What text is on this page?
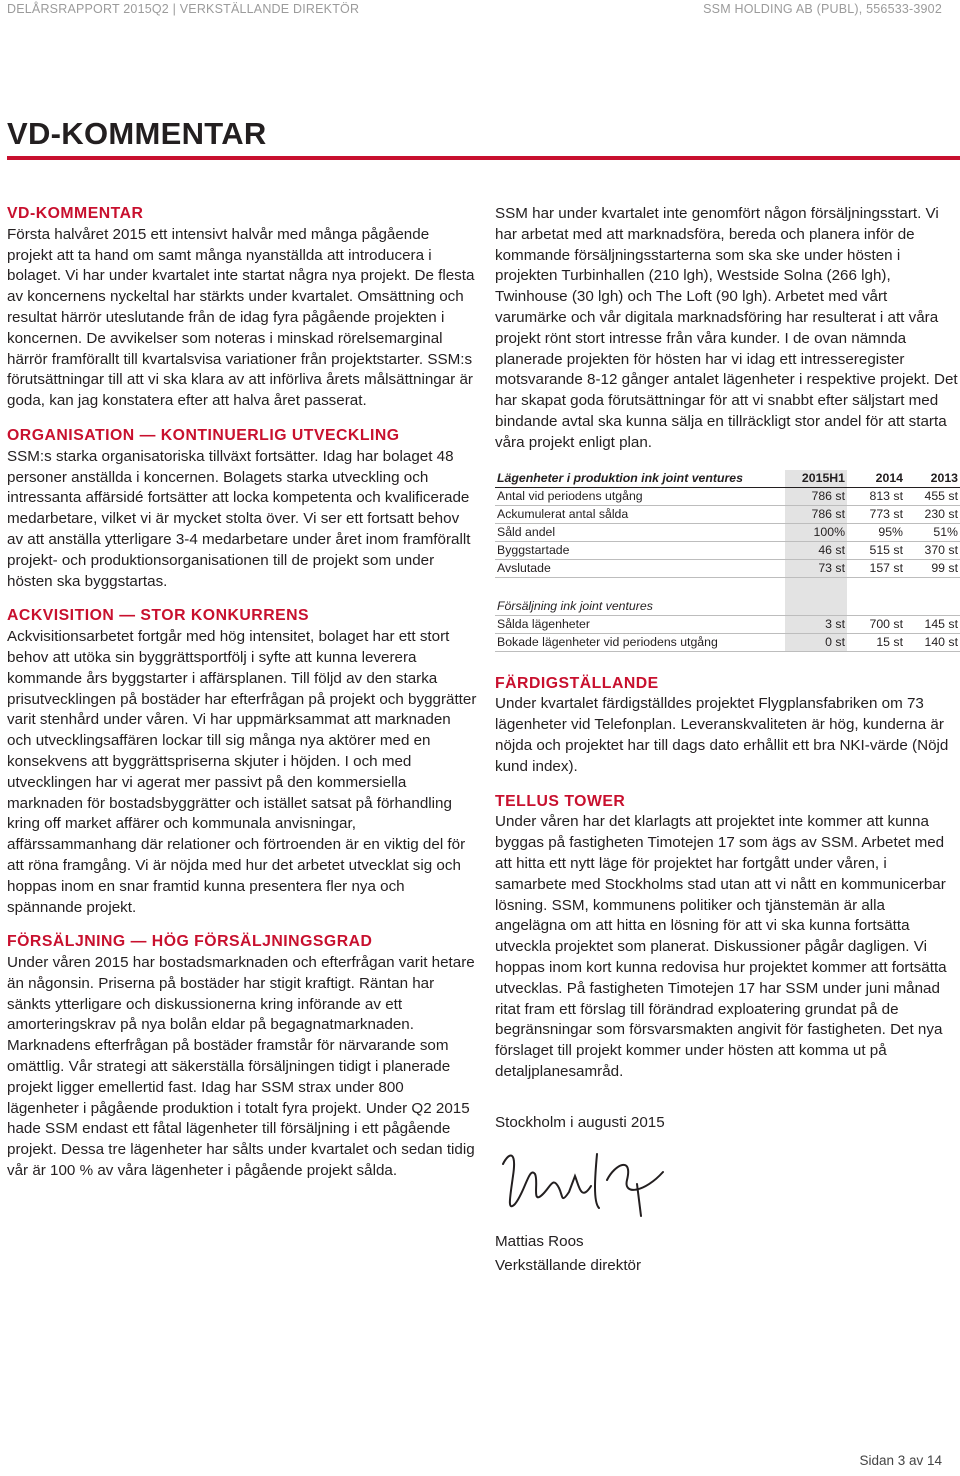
DELÅRSRAPPORT 2015Q2 | VERKSTÄLLANDE DIREKTÖR	SSM HOLDING AB (PUBL), 556533-3902
VD-KOMMENTAR

VD-KOMMENTAR

Första halvåret 2015 ett intensivt halvår med många pågående projekt att ta hand om samt många nyanställda att introducera i bolaget. Vi har under kvartalet inte startat några nya projekt. De flesta av koncernens nyckeltal har stärkts under kvartalet. Omsättning och resultat härrör uteslutande från de idag fyra pågående projekten i koncernen. De avvikelser som noteras i minskad rörelsemarginal härrör framförallt till kvartalsvisa variationer från projektstarter. SSM:s förutsättningar till att vi ska klara av att införliva årets målsättningar är goda, kan jag konstatera efter att halva året passerat.

ORGANISATION — KONTINUERLIG UTVECKLING

SSM:s starka organisatoriska tillväxt fortsätter. Idag har bolaget 48 personer anställda i koncernen. Bolagets starka utveckling och intressanta affärsidé fortsätter att locka kompetenta och kvalificerade medarbetare, vilket vi är mycket stolta över. Vi ser ett fortsatt behov av att anställa ytterligare 3-4 medarbetare under året inom framförallt projekt- och produktionsorganisationen till de projekt som under hösten ska byggstartas.

ACKVISITION — STOR KONKURRENS

Ackvisitionsarbetet fortgår med hög intensitet, bolaget har ett stort behov att utöka sin byggrättsportfölj i syfte att kunna leverera kommande års byggstarter i affärsplanen. Till följd av den starka prisutvecklingen på bostäder har efterfrågan på projekt och byggrätter varit stenhård under våren. Vi har uppmärksammat att marknaden och utvecklingsaffären lockar till sig många nya aktörer med en konsekvens att byggrättspriserna skjuter i höjden. I och med utvecklingen har vi agerat mer passivt på den kommersiella marknaden för bostadsbyggrätter och istället satsat på förhandling kring off market affärer och kommunala anvisningar, affärssammanhang där relationer och förtroenden är en viktig del för att röna framgång. Vi är nöjda med hur det arbetet utvecklat sig och hoppas inom en snar framtid kunna presentera fler nya och spännande projekt.

FÖRSÄLJNING — HÖG FÖRSÄLJNINGSGRAD

Under våren 2015 har bostadsmarknaden och efterfrågan varit hetare än någonsin. Priserna på bostäder har stigit kraftigt. Räntan har sänkts ytterligare och diskussionerna kring införande av ett amorteringskrav på nya bolån eldar på begagnatmarknaden. Marknadens efterfrågan på bostäder framstår för närvarande som omättlig. Vår strategi att säkerställa försäljningen tidigt i planerade projekt ligger emellertid fast. Idag har SSM strax under 800 lägenheter i pågående produktion i totalt fyra projekt. Under Q2 2015 hade SSM endast ett fåtal lägenheter till försäljning i ett pågående projekt. Dessa tre lägenheter har sålts under kvartalet och sedan tidig vår är 100 % av våra lägenheter i pågående projekt sålda.

SSM har under kvartalet inte genomfört någon försäljningsstart. Vi har arbetat med att marknadsföra, bereda och planera inför de kommande försäljningsstarterna som ska ske under hösten i projekten Turbinhallen (210 lgh), Westside Solna (266 lgh), Twinhouse (30 lgh) och The Loft (90 lgh). Arbetet med vårt varumärke och vår digitala marknadsföring har resulterat i att våra projekt rönt stort intresse från våra kunder. I de ovan nämnda planerade projekten för hösten har vi idag ett intresseregister motsvarande 8-12 gånger antalet lägenheter i respektive projekt. Det har skapat goda förutsättningar för att vi snabbt efter säljstart med bindande avtal ska kunna sälja en tillräckligt stor andel för att starta våra projekt enligt plan.

Lägenheter i produktion ink joint ventures	2015H1	2014	2013
Antal vid periodens utgång	786 st	813 st	455 st
Ackumulerat antal sålda	786 st	773 st	230 st
Såld andel	100%	95%	51%
Byggstartade	46 st	515 st	370 st
Avslutade	73 st	157 st	99 st

Försäljning ink joint ventures			
Sålda lägenheter	3 st	700 st	145 st
Bokade lägenheter vid periodens utgång	0 st	15 st	140 st

FÄRDIGSTÄLLANDE

Under kvartalet färdigställdes projektet Flygplansfabriken om 73 lägenheter vid Telefonplan. Leveranskvaliteten är hög, kunderna är nöjda och projektet har till dags dato erhållit ett bra NKI-värde (Nöjd kund index).

TELLUS TOWER

Under våren har det klarlagts att projektet inte kommer att kunna byggas på fastigheten Timotejen 17 som ägs av SSM. Arbetet med att hitta ett nytt läge för projektet har fortgått under våren, i samarbete med Stockholms stad utan att vi nått en kommunicerbar lösning. SSM, kommunens politiker och tjänstemän är alla angelägna om att hitta en lösning för att vi ska kunna fortsätta utveckla projektet som planerat. Diskussioner pågår dagligen. Vi hoppas inom kort kunna redovisa hur projektet kommer att fortsätta utvecklas. På fastigheten Timotejen 17 har SSM under juni månad ritat fram ett förslag till förändrad exploatering grundat på de begränsningar som försvarsmakten angivit för fastigheten. Det nya förslaget till projekt kommer under hösten att komma ut på detaljplanesamråd.

Stockholm i augusti 2015

Mattias Roos

Verkställande direktör

Sidan 3 av 14
